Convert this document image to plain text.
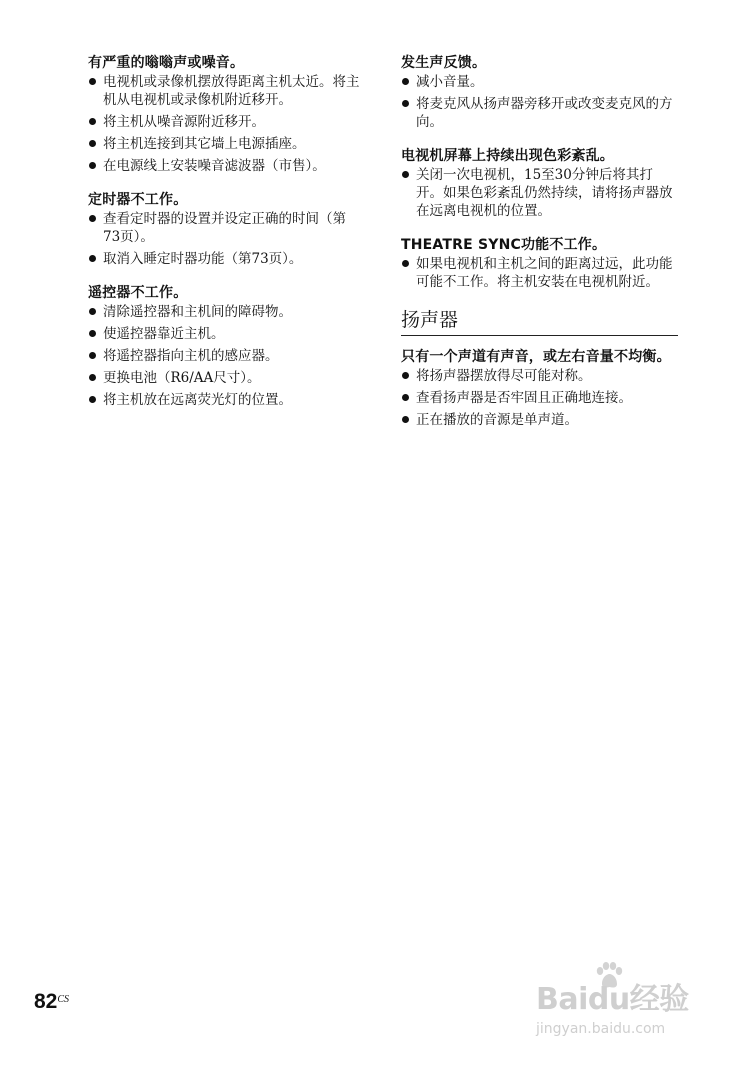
有严重的嗡嗡声或噪音。
电视机或录像机摆放得距离主机太近。将主机从电视机或录像机附近移开。
将主机从噪音源附近移开。
将主机连接到其它墙上电源插座。
在电源线上安装噪音滤波器（市售）。
定时器不工作。
查看定时器的设置并设定正确的时间（第73页）。
取消入睡定时器功能（第73页）。
遥控器不工作。
清除遥控器和主机间的障碍物。
使遥控器靠近主机。
将遥控器指向主机的感应器。
更换电池（R6/AA尺寸）。
将主机放在远离荧光灯的位置。
发生声反馈。
减小音量。
将麦克风从扬声器旁移开或改变麦克风的方向。
电视机屏幕上持续出现色彩紊乱。
关闭一次电视机，15至30分钟后将其打开。如果色彩紊乱仍然持续，请将扬声器放在远离电视机的位置。
THEATRE SYNC功能不工作。
如果电视机和主机之间的距离过远，此功能可能不工作。将主机安装在电视机附近。
扬声器
只有一个声道有声音，或左右音量不均衡。
将扬声器摆放得尽可能对称。
查看扬声器是否牢固且正确地连接。
正在播放的音源是单声道。
$82^{CS}$	Baidu经验
jingyan.baidu.com
